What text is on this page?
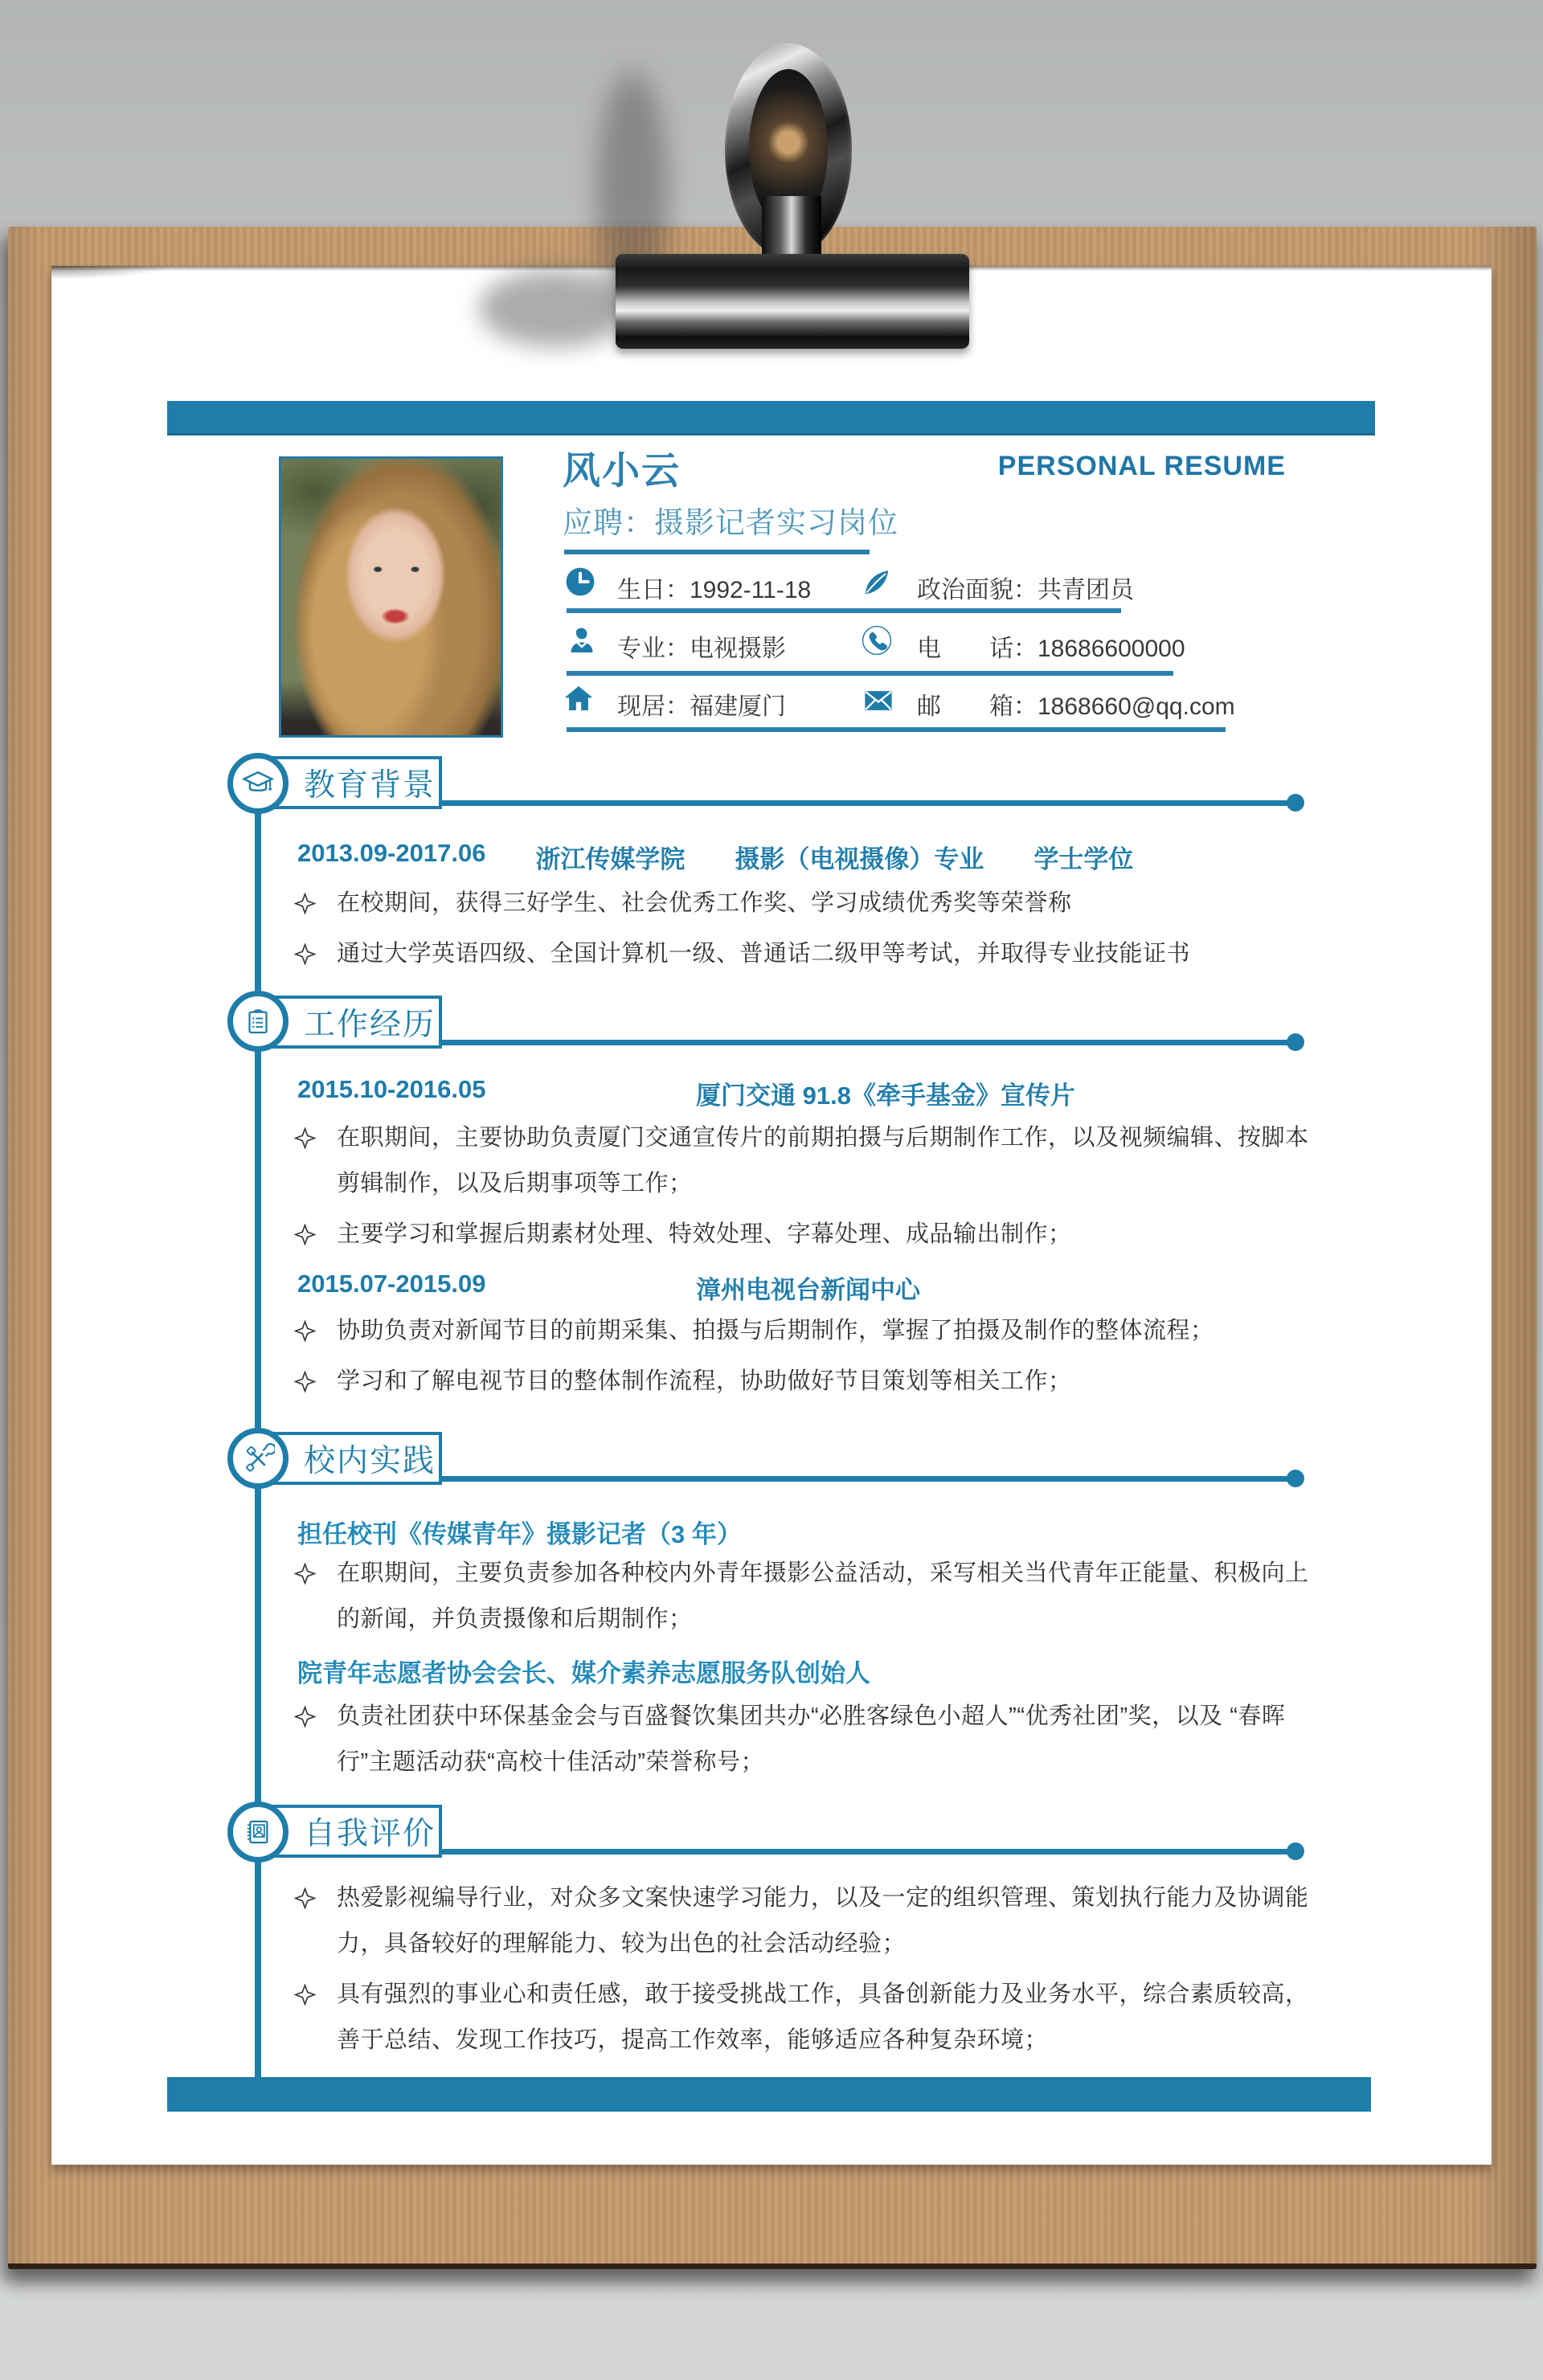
风小云	PERSONAL RESUME
应聘：摄影记者实习岗位
生日：1992-11-18	政治面貌：共青团员
专业：电视摄影	电　　话：18686600000
现居：福建厦门	邮　　箱：1868660@qq.com
教育背景
2013.09-2017.06 浙江传媒学院 摄影（电视摄像）专业 学士学位

在校期间，获得三好学生、社会优秀工作奖、学习成绩优秀奖等荣誉称

通过大学英语四级、全国计算机一级、普通话二级甲等考试，并取得专业技能证书

工作经历
2015.10-2016.05	厦门交通 91.8《牵手基金》宣传片

在职期间，主要协助负责厦门交通宣传片的前期拍摄与后期制作工作，以及视频编辑、按脚本剪辑制作，以及后期事项等工作；

主要学习和掌握后期素材处理、特效处理、字幕处理、成品输出制作；

2015.07-2015.09	漳州电视台新闻中心

协助负责对新闻节目的前期采集、拍摄与后期制作，掌握了拍摄及制作的整体流程；

学习和了解电视节目的整体制作流程，协助做好节目策划等相关工作；

校内实践
担任校刊《传媒青年》摄影记者（3 年）

在职期间，主要负责参加各种校内外青年摄影公益活动，采写相关当代青年正能量、积极向上的新闻，并负责摄像和后期制作；

院青年志愿者协会会长、媒介素养志愿服务队创始人

负责社团获中环保基金会与百盛餐饮集团共办“必胜客绿色小超人”“优秀社团”奖，以及 “春晖行”主题活动获“高校十佳活动”荣誉称号；

自我评价

热爱影视编导行业，对众多文案快速学习能力，以及一定的组织管理、策划执行能力及协调能力，具备较好的理解能力、较为出色的社会活动经验；

具有强烈的事业心和责任感，敢于接受挑战工作，具备创新能力及业务水平，综合素质较高，善于总结、发现工作技巧，提高工作效率，能够适应各种复杂环境；
